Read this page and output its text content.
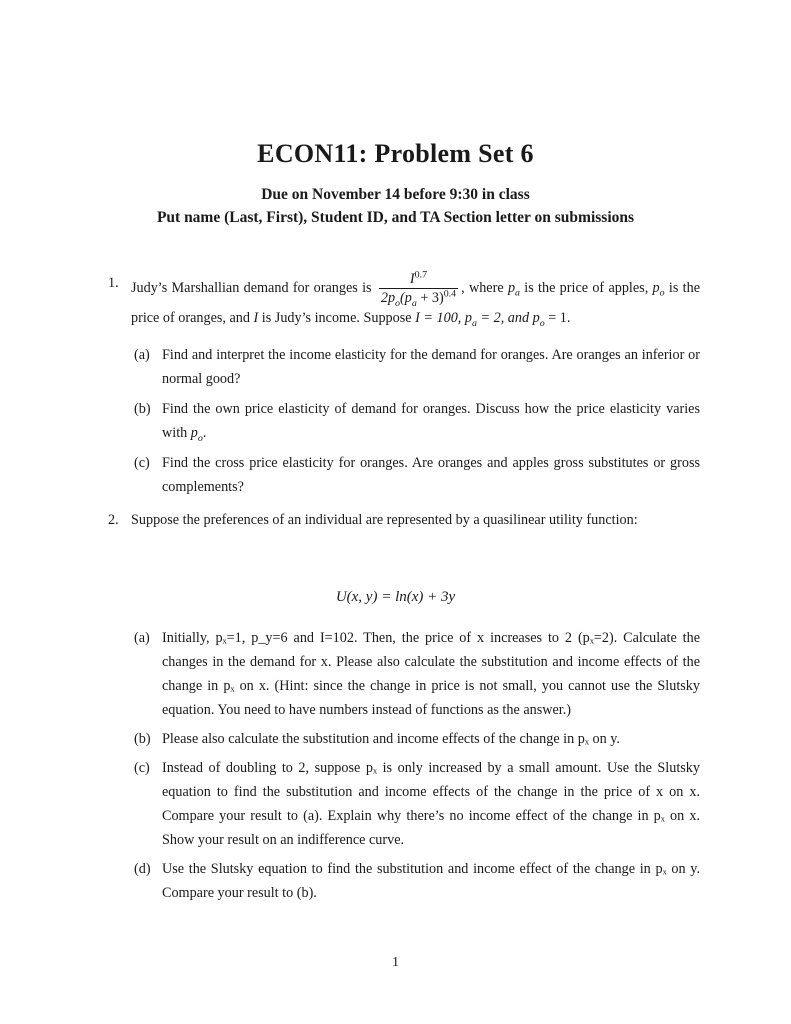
ECON11: Problem Set 6
Due on November 14 before 9:30 in class
Put name (Last, First), Student ID, and TA Section letter on submissions
1. Judy’s Marshallian demand for oranges is $\frac{I^{0.7}}{2p_o(p_a + 3)^{0.4}}$ , where $p_a$ is the price of apples, $p_o$ is the price of oranges, and I is Judy’s income. Suppose I = 100, $p_a = 2$, and $p_o = 1$.
(a) Find and interpret the income elasticity for the demand for oranges. Are oranges an inferior or normal good?
(b) Find the own price elasticity of demand for oranges. Discuss how the price elasticity varies with $p_o$.
(c) Find the cross price elasticity for oranges. Are oranges and apples gross substitutes or gross complements?
2. Suppose the preferences of an individual are represented by a quasilinear utility function:
U(x, y) = ln(x) + 3y
(a) Initially, pₓ=1, p_y=6 and I=102. Then, the price of x increases to 2 (pₓ=2). Calculate the changes in the demand for x. Please also calculate the substitution and income effects of the change in pₓ on x. (Hint: since the change in price is not small, you cannot use the Slutsky equation. You need to have numbers instead of functions as the answer.)
(b) Please also calculate the substitution and income effects of the change in pₓ on y.
(c) Instead of doubling to 2, suppose pₓ is only increased by a small amount. Use the Slutsky equation to find the substitution and income effects of the change in the price of x on x. Compare your result to (a). Explain why there’s no income effect of the change in pₓ on x. Show your result on an indifference curve.
(d) Use the Slutsky equation to find the substitution and income effect of the change in pₓ on y. Compare your result to (b).
1
